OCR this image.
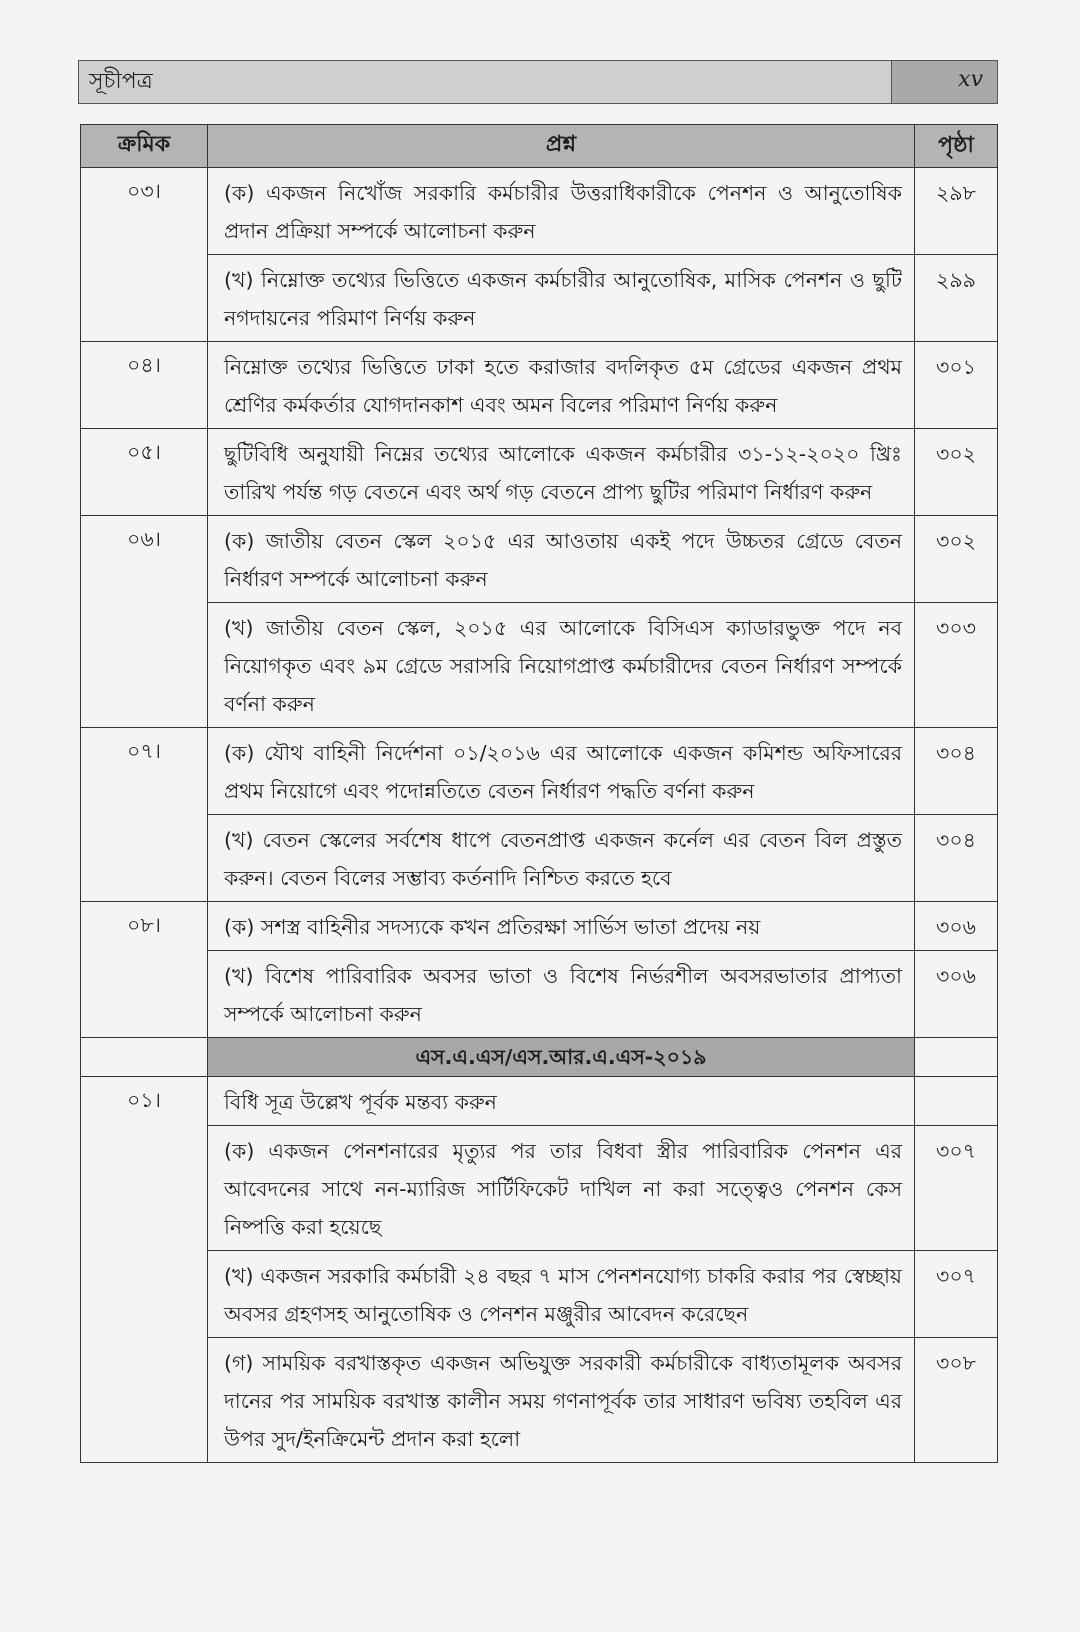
সূচীপত্র	xv
ক্রমিক	প্রশ্ন	পৃষ্ঠা
০৩।	(ক) একজন নিখোঁজ সরকারি কর্মচারীর উত্তরাধিকারীকে পেনশন ও আনুতোষিক প্রদান প্রক্রিয়া সম্পর্কে আলোচনা করুন	২৯৮
	(খ) নিম্নোক্ত তথ্যের ভিত্তিতে একজন কর্মচারীর আনুতোষিক, মাসিক পেনশন ও ছুটি নগদায়নের পরিমাণ নির্ণয় করুন	২৯৯
০৪।	নিম্নোক্ত তথ্যের ভিত্তিতে ঢাকা হতে করাজার বদলিকৃত ৫ম গ্রেডের একজন প্রথম শ্রেণির কর্মকর্তার যোগদানকাশ এবং অমন বিলের পরিমাণ নির্ণয় করুন	৩০১
০৫।	ছুটিবিধি অনুযায়ী নিম্নের তথ্যের আলোকে একজন কর্মচারীর ৩১-১২-২০২০ খ্রিঃ তারিখ পর্যন্ত গড় বেতনে এবং অর্থ গড় বেতনে প্রাপ্য ছুটির পরিমাণ নির্ধারণ করুন	৩০২
০৬।	(ক) জাতীয় বেতন স্কেল ২০১৫ এর আওতায় একই পদে উচ্চতর গ্রেডে বেতন নির্ধারণ সম্পর্কে আলোচনা করুন	৩০২
	(খ) জাতীয় বেতন স্কেল, ২০১৫ এর আলোকে বিসিএস ক্যাডারভুক্ত পদে নব নিয়োগকৃত এবং ৯ম গ্রেডে সরাসরি নিয়োগপ্রাপ্ত কর্মচারীদের বেতন নির্ধারণ সম্পর্কে বর্ণনা করুন	৩০৩
০৭।	(ক) যৌথ বাহিনী নির্দেশনা ০১/২০১৬ এর আলোকে একজন কমিশন্ড অফিসারের প্রথম নিয়োগে এবং পদোন্নতিতে বেতন নির্ধারণ পদ্ধতি বর্ণনা করুন	৩০৪
	(খ) বেতন স্কেলের সর্বশেষ ধাপে বেতনপ্রাপ্ত একজন কর্নেল এর বেতন বিল প্রস্তুত করুন। বেতন বিলের সম্ভাব্য কর্তনাদি নিশ্চিত করতে হবে	৩০৪
০৮।	(ক) সশস্ত্র বাহিনীর সদস্যকে কখন প্রতিরক্ষা সার্ভিস ভাতা প্রদেয় নয়	৩০৬
	(খ) বিশেষ পারিবারিক অবসর ভাতা ও বিশেষ নির্ভরশীল অবসরভাতার প্রাপ্যতা সম্পর্কে আলোচনা করুন	৩০৬
	এস.এ.এস/এস.আর.এ.এস-২০১৯	
০১।	বিধি সূত্র উল্লেখ পূর্বক মন্তব্য করুন	
	(ক) একজন পেনশনারের মৃত্যুর পর তার বিধবা স্ত্রীর পারিবারিক পেনশন এর আবেদনের সাথে নন-ম্যারিজ সার্টিফিকেট দাখিল না করা সত্ত্বেও পেনশন কেস নিষ্পত্তি করা হয়েছে	৩০৭
	(খ) একজন সরকারি কর্মচারী ২৪ বছর ৭ মাস পেনশনযোগ্য চাকরি করার পর স্বেচ্ছায় অবসর গ্রহণসহ আনুতোষিক ও পেনশন মঞ্জুরীর আবেদন করেছেন	৩০৭
	(গ) সাময়িক বরখাস্তকৃত একজন অভিযুক্ত সরকারী কর্মচারীকে বাধ্যতামূলক অবসর দানের পর সাময়িক বরখাস্ত কালীন সময় গণনাপূর্বক তার সাধারণ ভবিষ্য তহবিল এর উপর সুদ/ইনক্রিমেন্ট প্রদান করা হলো	৩০৮
